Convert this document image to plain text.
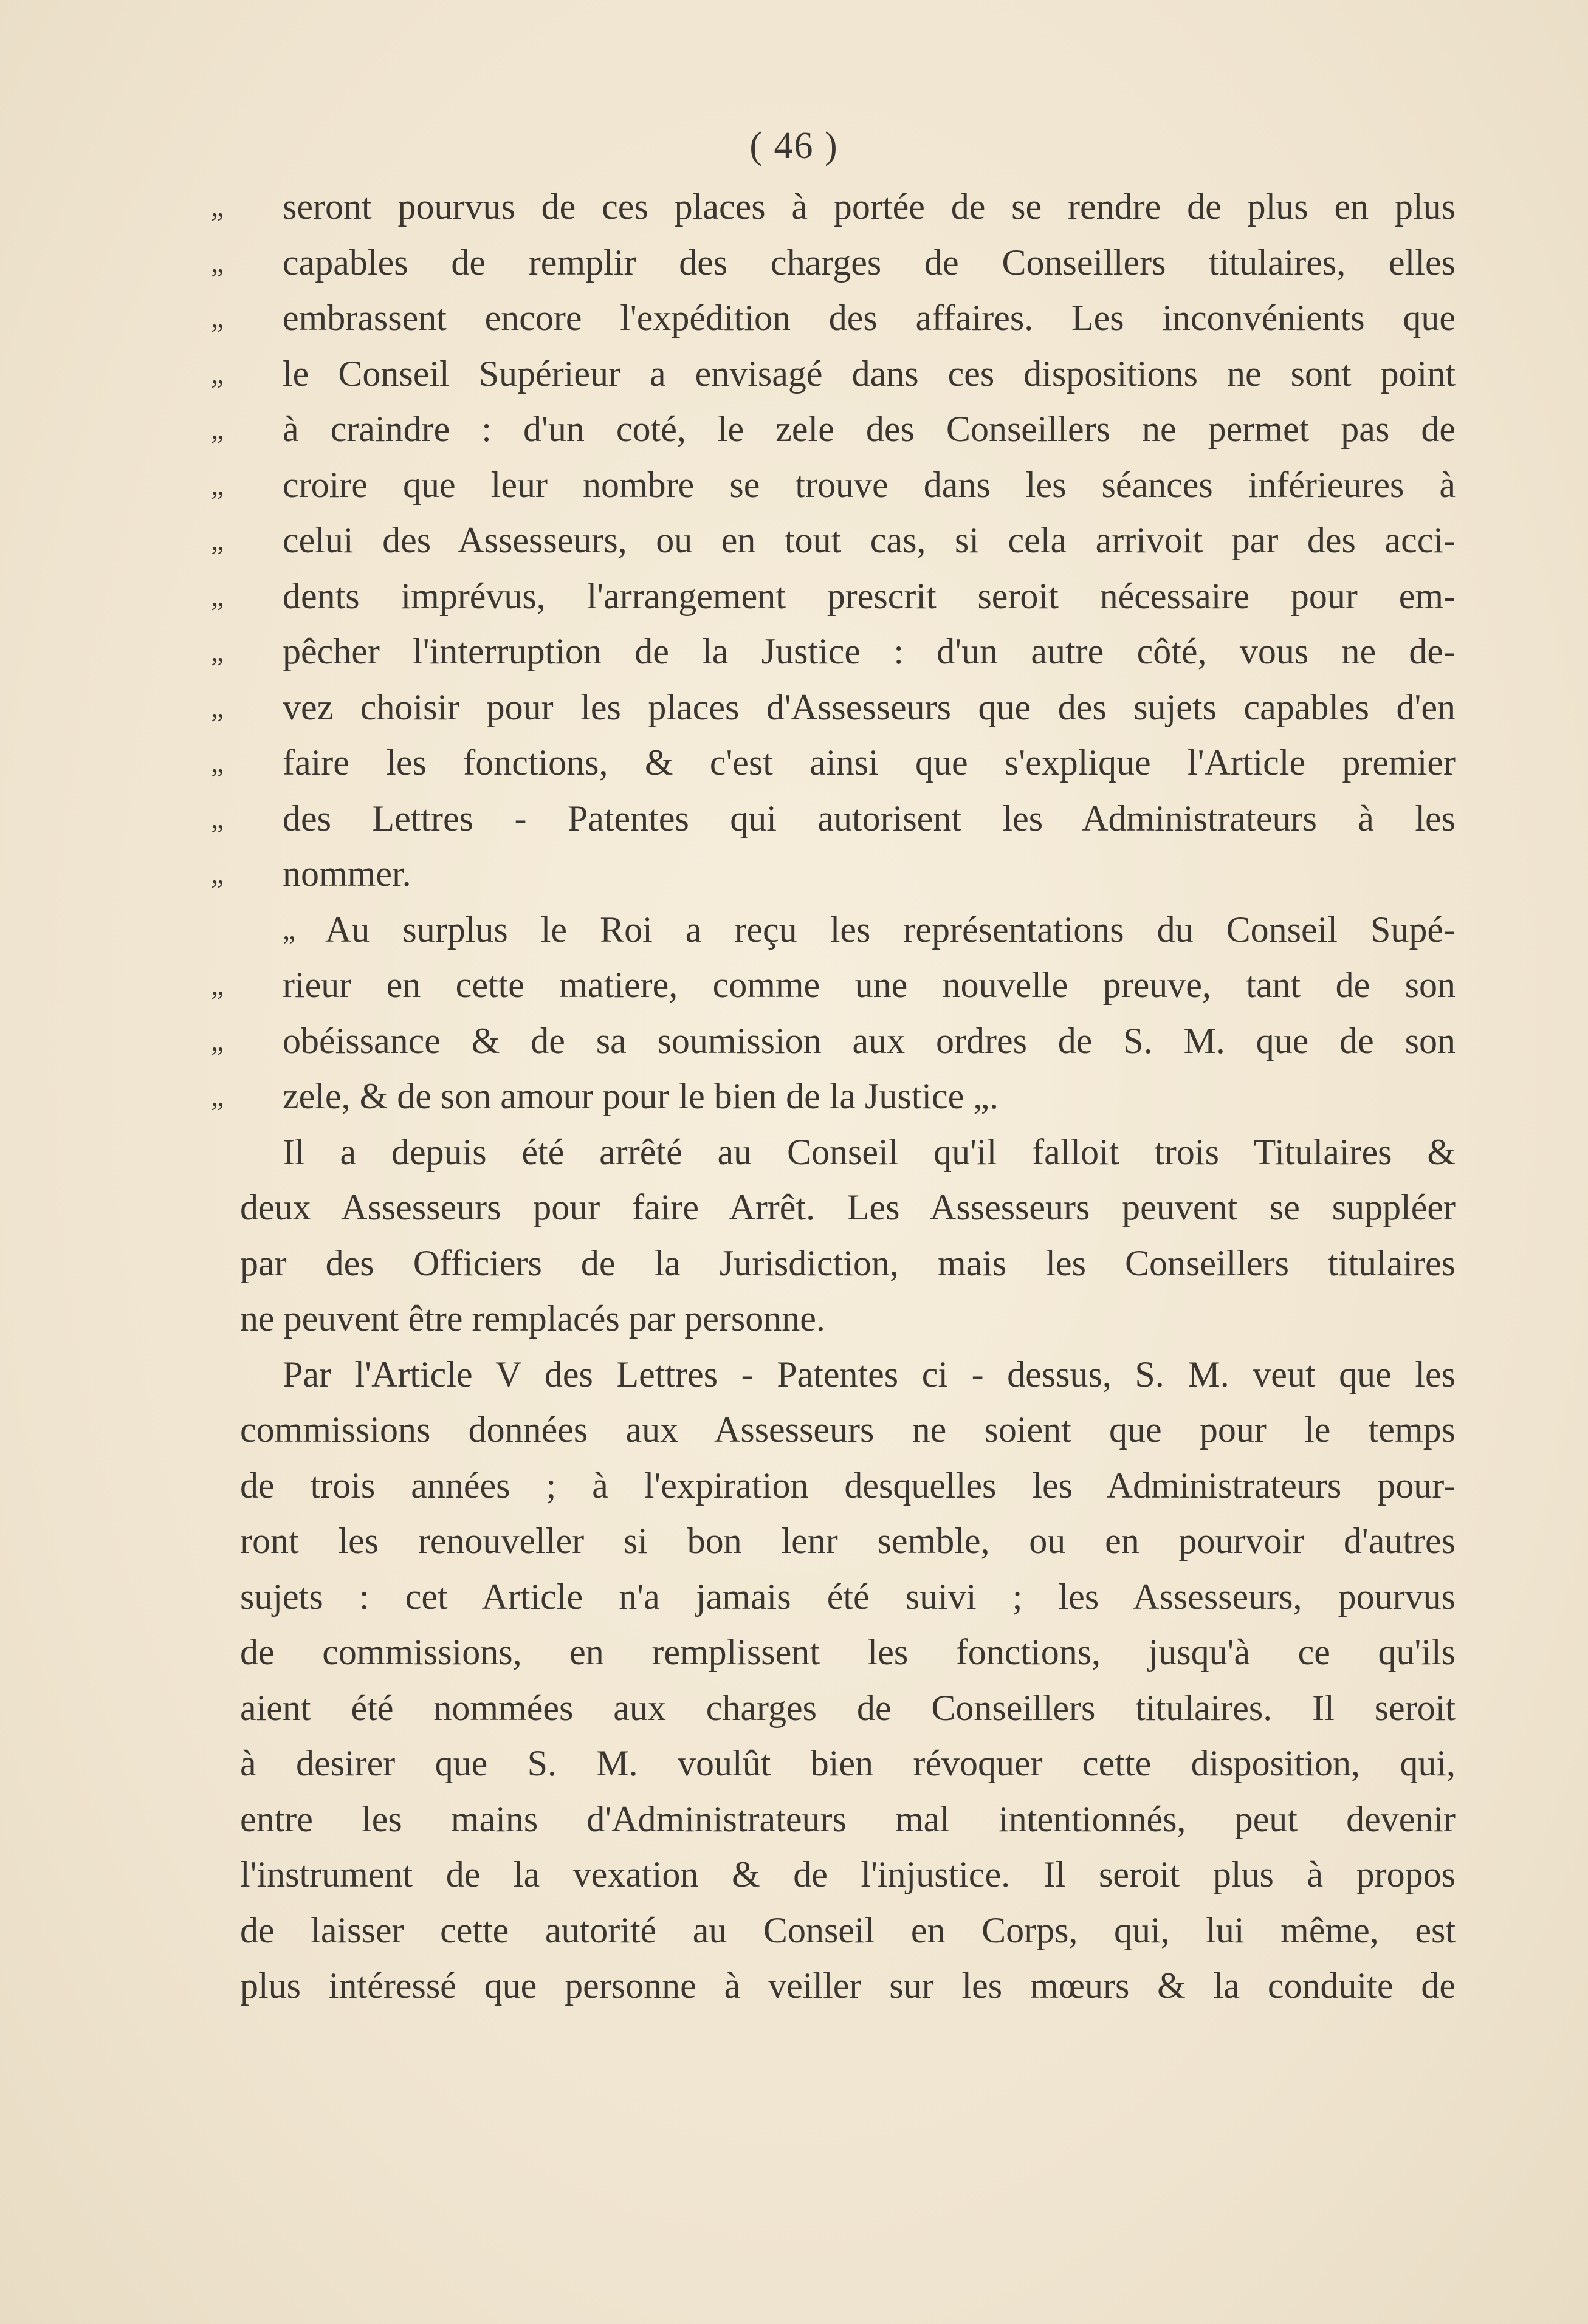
( 46 )
„	seront pourvus de ces places à portée de se rendre de plus en plus
„	capables de remplir des charges de Conseillers titulaires, elles
„	embrassent encore l'expédition des affaires. Les inconvénients que
„	le Conseil Supérieur a envisagé dans ces dispositions ne sont point
„	à craindre : d'un coté, le zele des Conseillers ne permet pas de
„	croire que leur nombre se trouve dans les séances inférieures à
„	celui des Assesseurs, ou en tout cas, si cela arrivoit par des acci-
„	dents imprévus, l'arrangement prescrit seroit nécessaire pour em-
„	pêcher l'interruption de la Justice : d'un autre côté, vous ne de-
„	vez choisir pour les places d'Assesseurs que des sujets capables d'en
„	faire les fonctions, & c'est ainsi que s'explique l'Article premier
„	des Lettres - Patentes qui autorisent les Administrateurs à les
„	nommer.
„ Au surplus le Roi a reçu les représentations du Conseil Supé-
„	rieur en cette matiere, comme une nouvelle preuve, tant de son
„	obéissance & de sa soumission aux ordres de S. M. que de son
„	zele, & de son amour pour le bien de la Justice „.
Il a depuis été arrêté au Conseil qu'il falloit trois Titulaires &
deux Assesseurs pour faire Arrêt. Les Assesseurs peuvent se suppléer
par des Officiers de la Jurisdiction, mais les Conseillers titulaires
ne peuvent être remplacés par personne.
Par l'Article V des Lettres - Patentes ci - dessus, S. M. veut que les
commissions données aux Assesseurs ne soient que pour le temps
de trois années ; à l'expiration desquelles les Administrateurs pour-
ront les renouveller si bon lenr semble, ou en pourvoir d'autres
sujets : cet Article n'a jamais été suivi ; les Assesseurs, pourvus
de commissions, en remplissent les fonctions, jusqu'à ce qu'ils
aient été nommées aux charges de Conseillers titulaires. Il seroit
à desirer que S. M. voulût bien révoquer cette disposition, qui,
entre les mains d'Administrateurs mal intentionnés, peut devenir
l'instrument de la vexation & de l'injustice. Il seroit plus à propos
de laisser cette autorité au Conseil en Corps, qui, lui même, est
plus intéressé que personne à veiller sur les mœurs & la conduite de
